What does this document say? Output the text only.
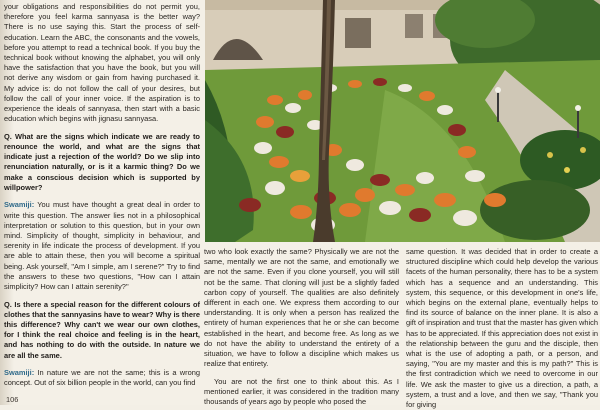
your obligations and responsibilities do not permit you, therefore you feel karma sannyasa is the better way? There is no use saying this. Start the process of self-education. Learn the ABC, the consonants and the vowels, before you attempt to read a technical book. If you buy the technical book without knowing the alphabet, you will only have the satisfaction that you have the book, but you will not derive any wisdom or gain from having purchased it. My advice is: do not follow the call of your desires, but follow the call of your inner voice. If the aspiration is to experience the ideals of sannyasa, then start with a basic education which begins with jignasu sannyasa.

Q. What are the signs which indicate we are ready to renounce the world, and what are the signs that indicate just a rejection of the world? Do we slip into renunciation naturally, or is it a karmic thing? Do we make a conscious decision which is supported by willpower?

Swamiji: You must have thought a great deal in order to write this question. The answer lies not in a philosophical interpretation or solution to this question, but in your own mind. Simplicity of thought, simplicity in behaviour, and serenity in life indicate the process of development. If you are able to attain these, then you will become a spiritual being. Ask yourself, "Am I simple, am I serene?" Try to find the answers to these two questions, "How can I attain simplicity? How can I attain serenity?"

Q. Is there a special reason for the different colours of clothes that the sannyasins have to wear? Why is there this difference? Why can't we wear our own clothes, for I think the real choice and feeling is in the heart, and has nothing to do with the outside. In nature we are all the same.

Swamiji: In nature we are not the same; this is a wrong concept. Out of six billion people in the world, can you find

two who look exactly the same? Physically we are not the same, mentally we are not the same, and emotionally we are not the same. Even if you clone yourself, you will still not be the same. That cloning will just be a slightly faded carbon copy of yourself. The qualities are also definitely different in each one. We express them according to our understanding. It is only when a person has realized the entirety of human experiences that he or she can become established in the heart, and become free. As long as we do not have the ability to understand the entirety of a situation, we have to follow a discipline which makes us realize that entirety.

You are not the first one to think about this. As I mentioned earlier, it was considered in the tradition many thousands of years ago by people who posed the

same question. It was decided that in order to create a structured discipline which could help develop the various facets of the human personality, there has to be a system which has a sequence and an understanding. This system, this sequence, or this development in one's life, which begins on the external plane, eventually helps to find its source of balance on the inner plane. It is also a gift of inspiration and trust that the master has given which has to be appreciated. If this appreciation does not exist in the relationship between the guru and the disciple, then what is the use of adopting a path, or a person, and saying, "You are my master and this is my path?" This is the first contradiction which we need to overcome in our life. We ask the master to give us a direction, a path, a system, a trust and a love, and then we say, "Thank you for giving

106
